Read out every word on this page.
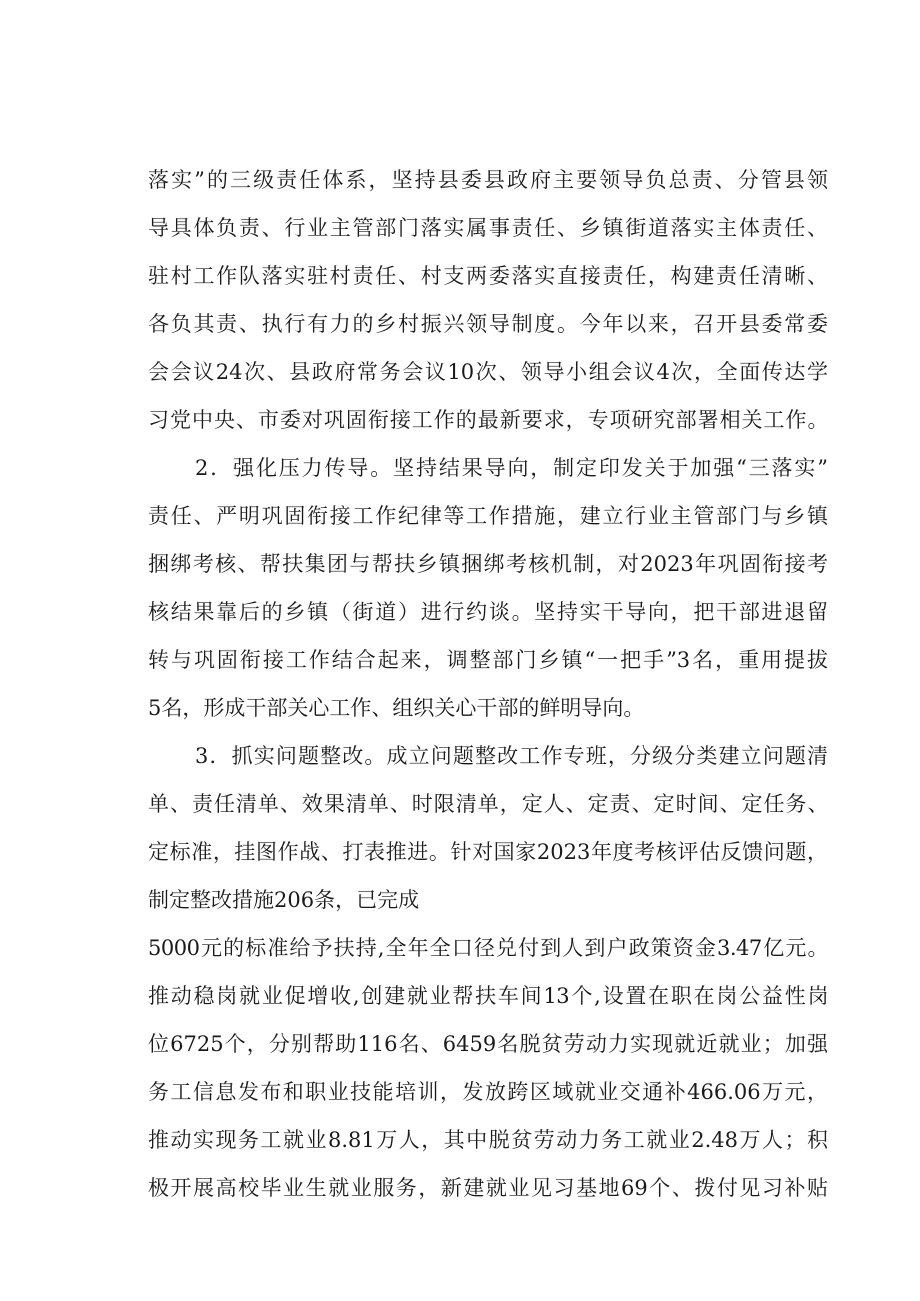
落实”的三级责任体系，坚持县委县政府主要领导负总责、分管县领
导具体负责、行业主管部门落实属事责任、乡镇街道落实主体责任、
驻村工作队落实驻村责任、村支两委落实直接责任，构建责任清晰、
各负其责、执行有力的乡村振兴领导制度。今年以来，召开县委常委
会会议24次、县政府常务会议10次、领导小组会议4次，全面传达学
习党中央、市委对巩固衔接工作的最新要求，专项研究部署相关工作。
2．强化压力传导。坚持结果导向，制定印发关于加强“三落实”
责任、严明巩固衔接工作纪律等工作措施，建立行业主管部门与乡镇
捆绑考核、帮扶集团与帮扶乡镇捆绑考核机制，对2023年巩固衔接考
核结果靠后的乡镇（街道）进行约谈。坚持实干导向，把干部进退留
转与巩固衔接工作结合起来，调整部门乡镇“一把手”3名，重用提拔
5名，形成干部关心工作、组织关心干部的鲜明导向。
3．抓实问题整改。成立问题整改工作专班，分级分类建立问题清
单、责任清单、效果清单、时限清单，定人、定责、定时间、定任务、
定标准，挂图作战、打表推进。针对国家2023年度考核评估反馈问题，
制定整改措施206条，已完成
5000元的标准给予扶持,全年全口径兑付到人到户政策资金3.47亿元。
推动稳岗就业促增收,创建就业帮扶车间13个,设置在职在岗公益性岗
位6725个，分别帮助116名、6459名脱贫劳动力实现就近就业；加强
务工信息发布和职业技能培训，发放跨区域就业交通补466.06万元，
推动实现务工就业8.81万人，其中脱贫劳动力务工就业2.48万人；积
极开展高校毕业生就业服务，新建就业见习基地69个、拨付见习补贴
